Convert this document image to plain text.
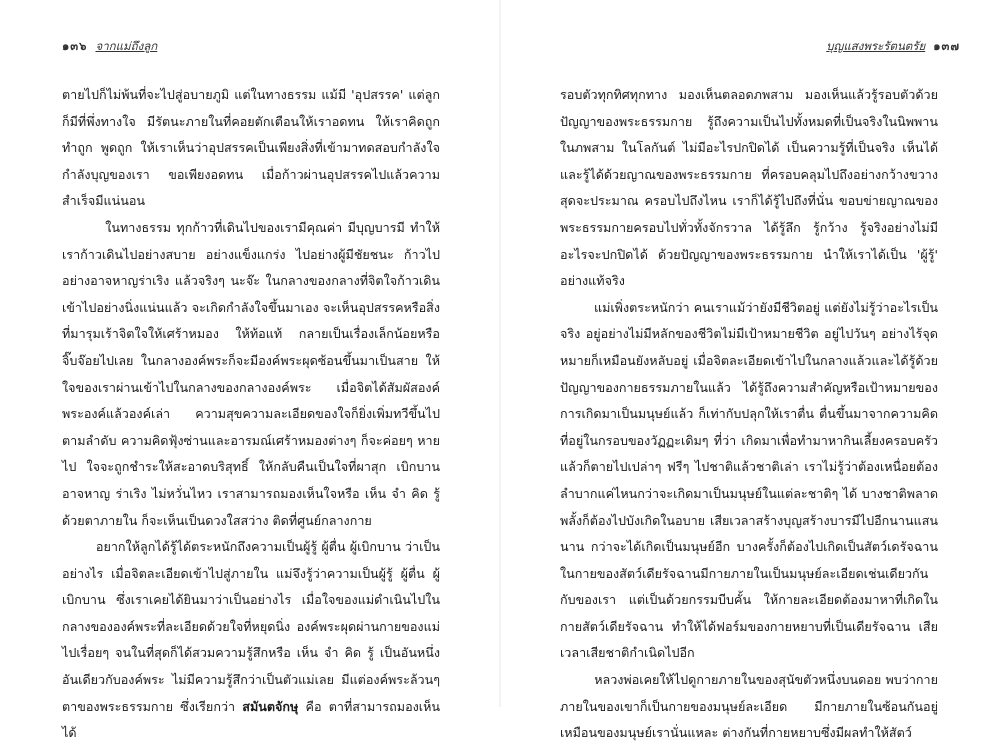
๑๓๖ จากแม่ถึงลูก

ตายไปก็ไม่พ้นที่จะไปสู่อบายภูมิ แต่ในทางธรรม แม้มี 'อุปสรรค' แต่ลูกก็มีที่พึ่งทางใจ มีรัตนะภายในที่คอยตักเตือนให้เราอดทน ให้เราคิดถูก ทำถูก พูดถูก ให้เราเห็นว่าอุปสรรคเป็นเพียงสิ่งที่เข้ามาทดสอบกำลังใจ กำลังบุญของเรา ขอเพียงอดทน เมื่อก้าวผ่านอุปสรรคไปแล้วความสำเร็จมีแน่นอน

ในทางธรรม ทุกก้าวที่เดินไปของเรามีคุณค่า มีบุญบารมี ทำให้เราก้าวเดินไปอย่างสบาย อย่างแข็งแกร่ง ไปอย่างผู้มีชัยชนะ ก้าวไปอย่างอาจหาญร่าเริง แล้วจริงๆ นะจ๊ะ ในกลางของกลางที่จิตใจก้าวเดินเข้าไปอย่างนิ่งแน่นแล้ว จะเกิดกำลังใจขึ้นมาเอง จะเห็นอุปสรรคหรือสิ่งที่มารุมเร้าจิตใจให้เศร้าหมอง ให้ท้อแท้ กลายเป็นเรื่องเล็กน้อยหรือจิ๊บจ๊อยไปเลย ในกลางองค์พระก็จะมีองค์พระผุดซ้อนขึ้นมาเป็นสาย ให้ใจของเราผ่านเข้าไปในกลางของกลางองค์พระ เมื่อจิตได้สัมผัสองค์พระองค์แล้วองค์เล่า ความสุขความละเอียดของใจก็ยิ่งเพิ่มทวีขึ้นไปตามลำดับ ความคิดฟุ้งซ่านและอารมณ์เศร้าหมองต่างๆ ก็จะค่อยๆ หายไป ใจจะถูกชำระให้สะอาดบริสุทธิ์ ให้กลับคืนเป็นใจที่ผาสุก เบิกบาน อาจหาญ ร่าเริง ไม่หวั่นไหว เราสามารถมองเห็นใจหรือ เห็น จำ คิด รู้ ด้วยตาภายใน ก็จะเห็นเป็นดวงใสสว่าง ติดที่ศูนย์กลางกาย

อยากให้ลูกได้รู้ได้ตระหนักถึงความเป็นผู้รู้ ผู้ตื่น ผู้เบิกบาน ว่าเป็นอย่างไร เมื่อจิตละเอียดเข้าไปสู่ภายใน แม่จึงรู้ว่าความเป็นผู้รู้ ผู้ตื่น ผู้เบิกบาน ซึ่งเราเคยได้ยินมาว่าเป็นอย่างไร เมื่อใจของแม่ดำเนินไปในกลางขององค์พระที่ละเอียดด้วยใจที่หยุดนิ่ง องค์พระผุดผ่านกายของแม่ไปเรื่อยๆ จนในที่สุดก็ได้สวมความรู้สึกหรือ เห็น จำ คิด รู้ เป็นอันหนึ่งอันเดียวกับองค์พระ ไม่มีความรู้สึกว่าเป็นตัวแม่เลย มีแต่องค์พระล้วนๆ ตาของพระธรรมกาย ซึ่งเรียกว่า สมันตจักษุ คือ ตาที่สามารถมองเห็นได้

บุญแสงพระรัตนตรัย ๑๓๗

รอบตัวทุกทิศทุกทาง มองเห็นตลอดภพสาม มองเห็นแล้วรู้รอบตัวด้วยปัญญาของพระธรรมกาย รู้ถึงความเป็นไปทั้งหมดที่เป็นจริงในนิพพาน ในภพสาม ในโลกันต์ ไม่มีอะไรปกปิดได้ เป็นความรู้ที่เป็นจริง เห็นได้และรู้ได้ด้วยญาณของพระธรรมกาย ที่ครอบคลุมไปถึงอย่างกว้างขวางสุดจะประมาณ ครอบไปถึงไหน เราก็ได้รู้ไปถึงที่นั่น ขอบข่ายญาณของพระธรรมกายครอบไปทั่วทั้งจักรวาล ได้รู้ลึก รู้กว้าง รู้จริงอย่างไม่มีอะไรจะปกปิดได้ ด้วยปัญญาของพระธรรมกาย นำให้เราได้เป็น 'ผู้รู้' อย่างแท้จริง

แม่เพิ่งตระหนักว่า คนเราแม้ว่ายังมีชีวิตอยู่ แต่ยังไม่รู้ว่าอะไรเป็นจริง อยู่อย่างไม่มีหลักของชีวิตไม่มีเป้าหมายชีวิต อยู่ไปวันๆ อย่างไร้จุดหมายก็เหมือนยังหลับอยู่ เมื่อจิตละเอียดเข้าไปในกลางแล้วและได้รู้ด้วยปัญญาของกายธรรมภายในแล้ว ได้รู้ถึงความสำคัญหรือเป้าหมายของการเกิดมาเป็นมนุษย์แล้ว ก็เท่ากับปลุกให้เราตื่น ตื่นขึ้นมาจากความคิดที่อยู่ในกรอบของวัฏฏะเดิมๆ ที่ว่า เกิดมาเพื่อทำมาหากินเลี้ยงครอบครัว แล้วก็ตายไปเปล่าๆ ฟรีๆ ไปชาติแล้วชาติเล่า เราไม่รู้ว่าต้องเหนื่อยต้องลำบากแค่ไหนกว่าจะเกิดมาเป็นมนุษย์ในแต่ละชาติๆ ได้ บางชาติพลาดพลั้งก็ต้องไปบังเกิดในอบาย เสียเวลาสร้างบุญสร้างบารมีไปอีกนานแสนนาน กว่าจะได้เกิดเป็นมนุษย์อีก บางครั้งก็ต้องไปเกิดเป็นสัตว์เดรัจฉาน ในกายของสัตว์เดียรัจฉานมีกายภายในเป็นมนุษย์ละเอียดเช่นเดียวกันกับของเรา แต่เป็นด้วยกรรมบีบคั้น ให้กายละเอียดต้องมาหาที่เกิดในกายสัตว์เดียรัจฉาน ทำให้ได้ฟอร์มของกายหยาบที่เป็นเดียรัจฉาน เสียเวลาเสียชาติกำเนิดไปอีก

หลวงพ่อเคยให้ไปดูกายภายในของสุนัขตัวหนึ่งบนดอย พบว่ากายภายในของเขาก็เป็นกายของมนุษย์ละเอียด มีกายภายในซ้อนกันอยู่เหมือนของมนุษย์เรานั่นแหละ ต่างกันที่กายหยาบซึ่งมีผลทำให้สัตว์
